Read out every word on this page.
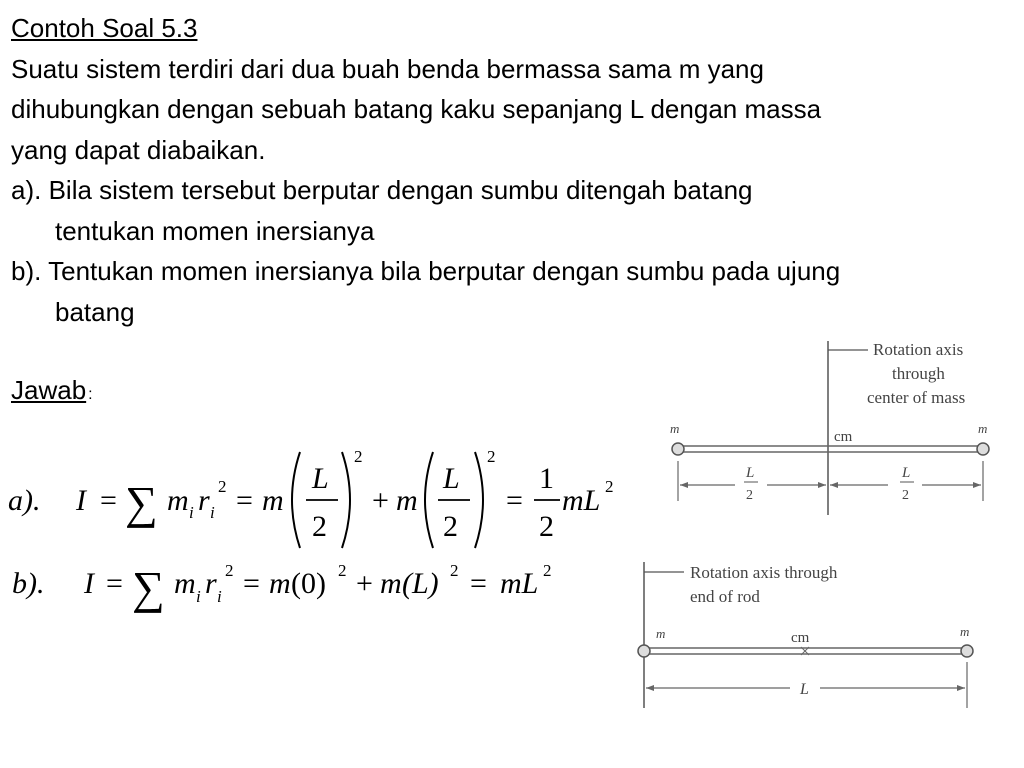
Contoh Soal 5.3
Suatu sistem terdiri dari dua buah benda bermassa sama m yang
dihubungkan dengan sebuah batang kaku sepanjang L dengan massa
yang dapat diabaikan.
a). Bila sistem tersebut berputar dengan sumbu ditengah batang
tentukan momen inersianya
b). Tentukan momen inersianya bila berputar dengan sumbu pada ujung
batang
Jawab :
a). I = ∑ m i r i
2 = m
L
2
2
+ m
L
2
2
=
1
2
mL 2
b). I = ∑ m i r i
2 = m (0) 2 + m (L) 2 = mL 2
Rotation axis
through
center of mass
m	m
cm
L
2
L
2
Rotation axis through
end of rod
m	m
cm
L
